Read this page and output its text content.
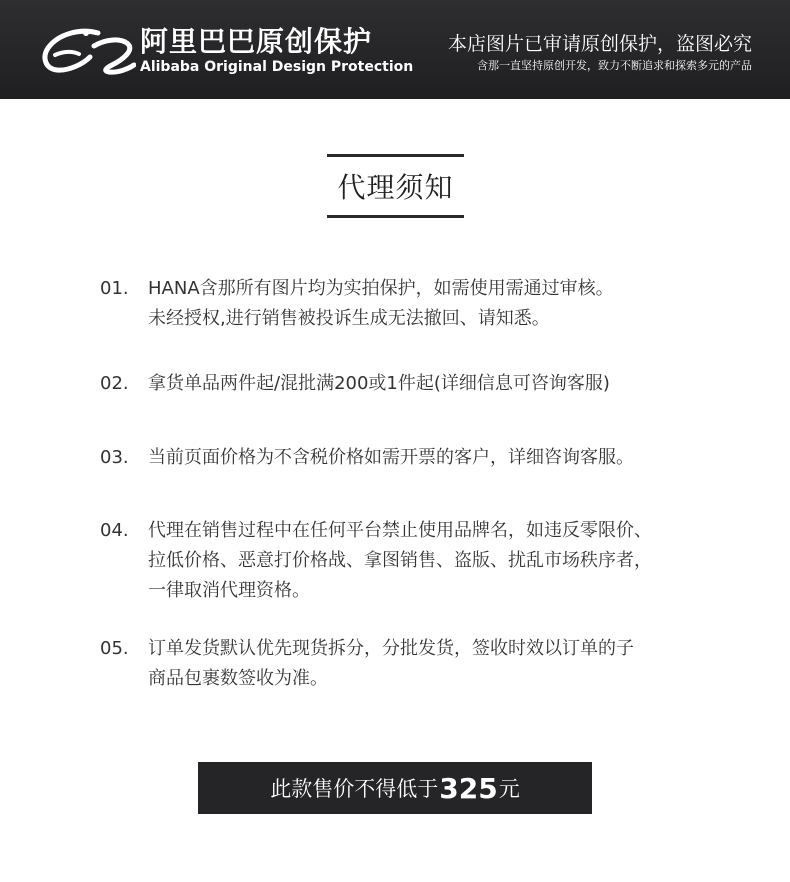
阿里巴巴原创保护
Alibaba Original Design Protection
本店图片已审请原创保护，盗图必究
含那一直坚持原创开发，致力不断追求和探索多元的产品
代理须知
01. HANA含那所有图片均为实拍保护，如需使用需通过审核。
未经授权,进行销售被投诉生成无法撤回、请知悉。
02. 拿货单品两件起/混批满200或1件起(详细信息可咨询客服)
03. 当前页面价格为不含税价格如需开票的客户，详细咨询客服。
04. 代理在销售过程中在任何平台禁止使用品牌名，如违反零限价、
拉低价格、恶意打价格战、拿图销售、盗版、扰乱市场秩序者，
一律取消代理资格。
05. 订单发货默认优先现货拆分，分批发货，签收时效以订单的子
商品包裹数签收为准。
此款售价不得低于 325 元
